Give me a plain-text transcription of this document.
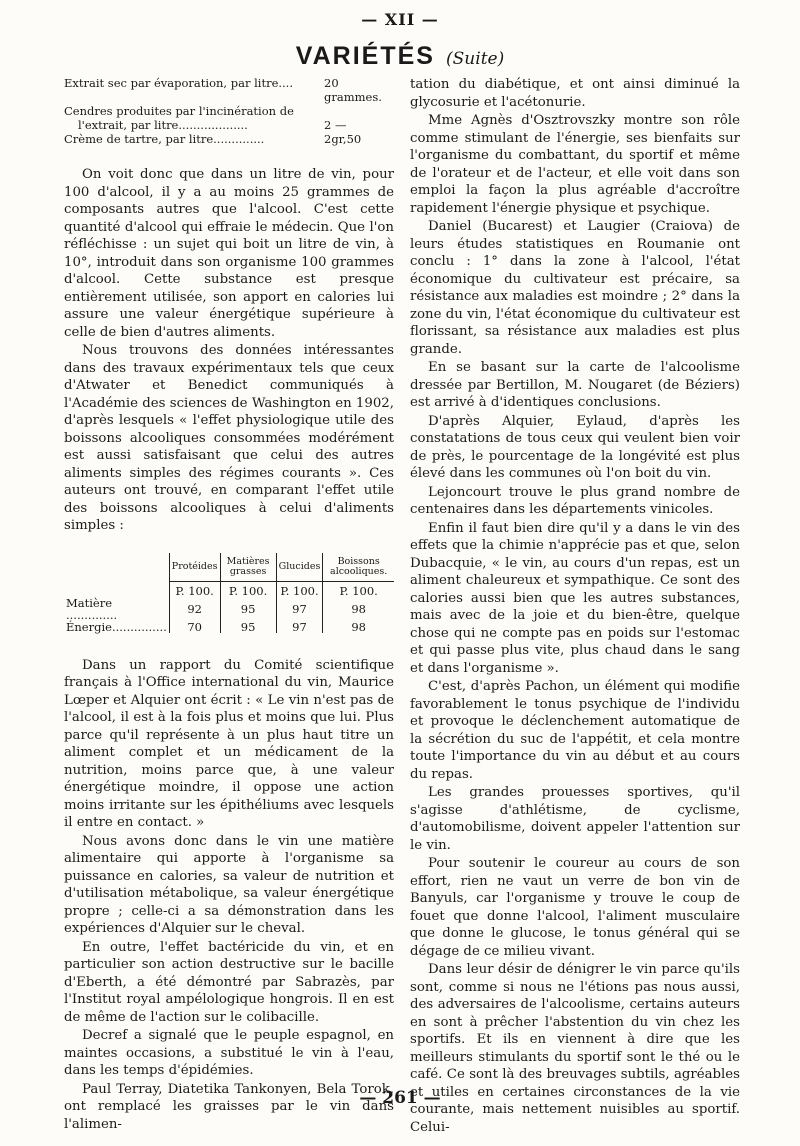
— XII —
VARIÉTÉS (Suite)
Extrait sec par évaporation, par litre....	20 grammes.
Cendres produites par l'incinération de
l'extrait, par litre...................	2 —
Crème de tartre, par litre..............	2gr,50

On voit donc que dans un litre de vin, pour 100 d'alcool, il y a au moins 25 grammes de composants autres que l'alcool. C'est cette quantité d'alcool qui effraie le médecin. Que l'on réfléchisse : un sujet qui boit un litre de vin, à 10°, introduit dans son organisme 100 grammes d'alcool. Cette substance est presque entièrement utilisée, son apport en calories lui assure une valeur énergétique supérieure à celle de bien d'autres aliments.

Nous trouvons des données intéressantes dans des travaux expérimentaux tels que ceux d'Atwater et Benedict communiqués à l'Académie des sciences de Washington en 1902, d'après lesquels « l'effet physiologique utile des boissons alcooliques consommées modérément est aussi satisfaisant que celui des autres aliments simples des régimes courants ». Ces auteurs ont trouvé, en comparant l'effet utile des boissons alcooliques à celui d'aliments simples :

	Protéides	Matières grasses	Glucides	Boissons alcooliques.
	P. 100.	P. 100.	P. 100.	P. 100.
Matière ..............	92	95	97	98
Énergie...............	70	95	97	98

Dans un rapport du Comité scientifique français à l'Office international du vin, Maurice Lœper et Alquier ont écrit : « Le vin n'est pas de l'alcool, il est à la fois plus et moins que lui. Plus parce qu'il représente à un plus haut titre un aliment complet et un médicament de la nutrition, moins parce que, à une valeur énergétique moindre, il oppose une action moins irritante sur les épithéliums avec lesquels il entre en contact. »

Nous avons donc dans le vin une matière alimentaire qui apporte à l'organisme sa puissance en calories, sa valeur de nutrition et d'utilisation métabolique, sa valeur énergétique propre ; celle-ci a sa démonstration dans les expériences d'Alquier sur le cheval.

En outre, l'effet bactéricide du vin, et en particulier son action destructive sur le bacille d'Eberth, a été démontré par Sabrazès, par l'Institut royal ampélologique hongrois. Il en est de même de l'action sur le colibacille.

Decref a signalé que le peuple espagnol, en maintes occasions, a substitué le vin à l'eau, dans les temps d'épidémies.

Paul Terray, Diatetika Tankonyen, Bela Torok, ont remplacé les graisses par le vin dans l'alimen-

tation du diabétique, et ont ainsi diminué la glycosurie et l'acétonurie.

Mme Agnès d'Osztrovszky montre son rôle comme stimulant de l'énergie, ses bienfaits sur l'organisme du combattant, du sportif et même de l'orateur et de l'acteur, et elle voit dans son emploi la façon la plus agréable d'accroître rapidement l'énergie physique et psychique.

Daniel (Bucarest) et Laugier (Craiova) de leurs études statistiques en Roumanie ont conclu : 1° dans la zone à l'alcool, l'état économique du cultivateur est précaire, sa résistance aux maladies est moindre ; 2° dans la zone du vin, l'état économique du cultivateur est florissant, sa résistance aux maladies est plus grande.

En se basant sur la carte de l'alcoolisme dressée par Bertillon, M. Nougaret (de Béziers) est arrivé à d'identiques conclusions.

D'après Alquier, Eylaud, d'après les constatations de tous ceux qui veulent bien voir de près, le pourcentage de la longévité est plus élevé dans les communes où l'on boit du vin.

Lejoncourt trouve le plus grand nombre de centenaires dans les départements vinicoles.

Enfin il faut bien dire qu'il y a dans le vin des effets que la chimie n'apprécie pas et que, selon Dubacquie, « le vin, au cours d'un repas, est un aliment chaleureux et sympathique. Ce sont des calories aussi bien que les autres substances, mais avec de la joie et du bien-être, quelque chose qui ne compte pas en poids sur l'estomac et qui passe plus vite, plus chaud dans le sang et dans l'organisme ».

C'est, d'après Pachon, un élément qui modifie favorablement le tonus psychique de l'individu et provoque le déclenchement automatique de la sécrétion du suc de l'appétit, et cela montre toute l'importance du vin au début et au cours du repas.

Les grandes prouesses sportives, qu'il s'agisse d'athlétisme, de cyclisme, d'automobilisme, doivent appeler l'attention sur le vin.

Pour soutenir le coureur au cours de son effort, rien ne vaut un verre de bon vin de Banyuls, car l'organisme y trouve le coup de fouet que donne l'alcool, l'aliment musculaire que donne le glucose, le tonus général qui se dégage de ce milieu vivant.

Dans leur désir de dénigrer le vin parce qu'ils sont, comme si nous ne l'étions pas nous aussi, des adversaires de l'alcoolisme, certains auteurs en sont à prêcher l'abstention du vin chez les sportifs. Et ils en viennent à dire que les meilleurs stimulants du sportif sont le thé ou le café. Ce sont là des breuvages subtils, agréables et utiles en certaines circonstances de la vie courante, mais nettement nuisibles au sportif. Celui-

— 261 —
